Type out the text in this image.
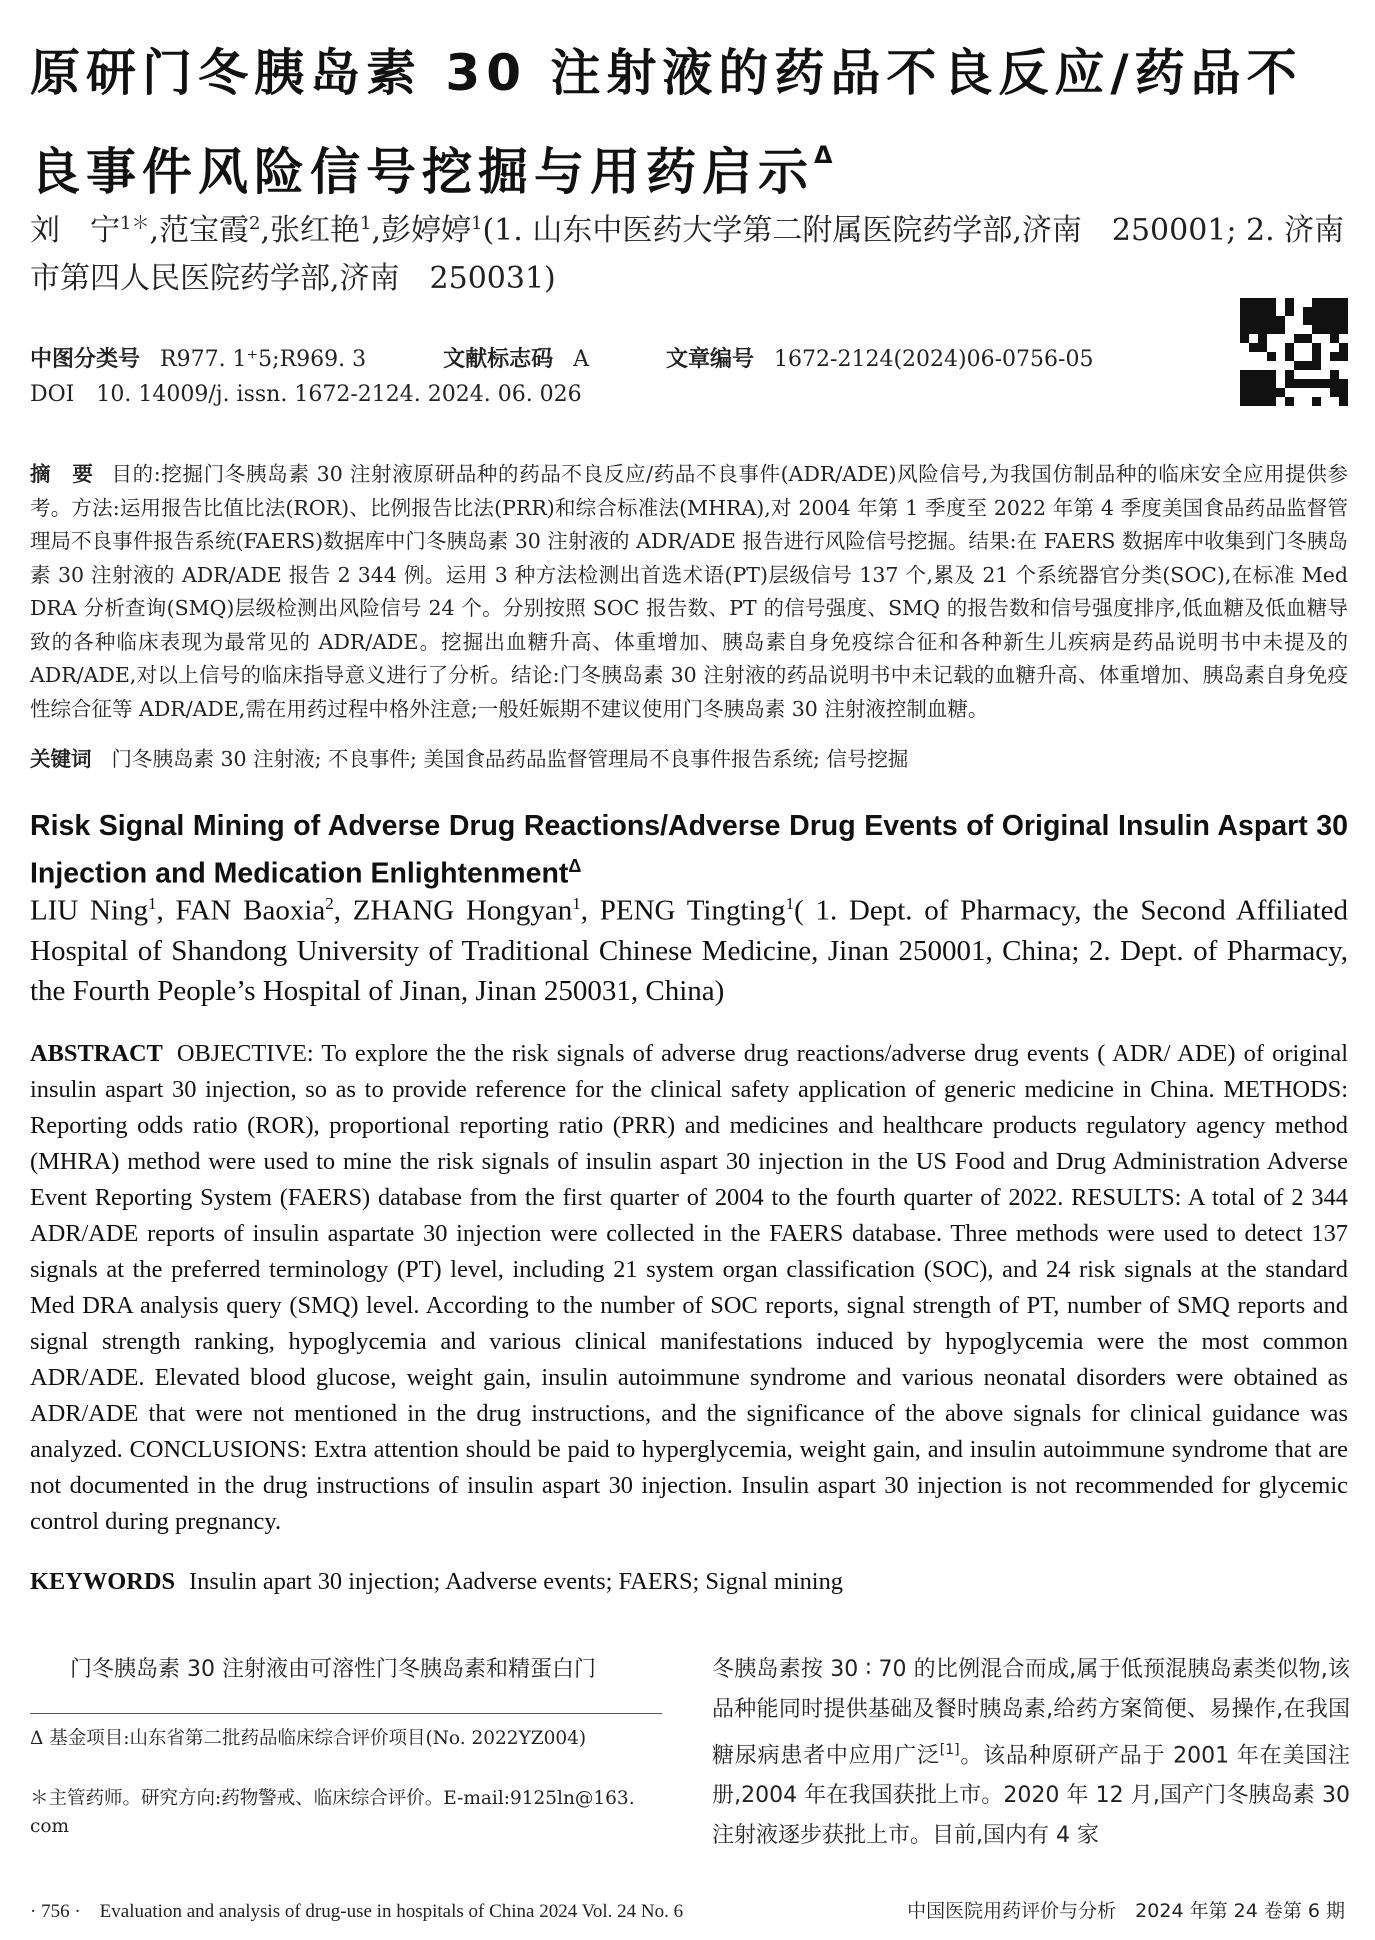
原研门冬胰岛素 30 注射液的药品不良反应/药品不良事件风险信号挖掘与用药启示$^\Delta$
刘　宁$^{1*}$,范宝霞$^2$,张红艳$^1$,彭婷婷$^1$(1. 山东中医药大学第二附属医院药学部,济南　250001; 2. 济南市第四人民医院药学部,济南　250031)
中图分类号 R977. 1⁺5;R969. 3	文献标志码 A	文章编号 1672-2124(2024)06-0756-05
DOI 10. 14009/j. issn. 1672-2124. 2024. 06. 026
摘　要 目的:挖掘门冬胰岛素 30 注射液原研品种的药品不良反应/药品不良事件(ADR/ADE)风险信号,为我国仿制品种的临床安全应用提供参考。方法:运用报告比值比法(ROR)、比例报告比法(PRR)和综合标准法(MHRA),对 2004 年第 1 季度至 2022 年第 4 季度美国食品药品监督管理局不良事件报告系统(FAERS)数据库中门冬胰岛素 30 注射液的 ADR/ADE 报告进行风险信号挖掘。结果:在 FAERS 数据库中收集到门冬胰岛素 30 注射液的 ADR/ADE 报告 2 344 例。运用 3 种方法检测出首选术语(PT)层级信号 137 个,累及 21 个系统器官分类(SOC),在标准 Med DRA 分析查询(SMQ)层级检测出风险信号 24 个。分别按照 SOC 报告数、PT 的信号强度、SMQ 的报告数和信号强度排序,低血糖及低血糖导致的各种临床表现为最常见的 ADR/ADE。挖掘出血糖升高、体重增加、胰岛素自身免疫综合征和各种新生儿疾病是药品说明书中未提及的 ADR/ADE,对以上信号的临床指导意义进行了分析。结论:门冬胰岛素 30 注射液的药品说明书中未记载的血糖升高、体重增加、胰岛素自身免疫性综合征等 ADR/ADE,需在用药过程中格外注意;一般妊娠期不建议使用门冬胰岛素 30 注射液控制血糖。
关键词 门冬胰岛素 30 注射液; 不良事件; 美国食品药品监督管理局不良事件报告系统; 信号挖掘
Risk Signal Mining of Adverse Drug Reactions/Adverse Drug Events of Original Insulin Aspart 30 Injection and Medication Enlightenment$^\Delta$
LIU Ning$^1$, FAN Baoxia$^2$, ZHANG Hongyan$^1$, PENG Tingting$^1$( 1. Dept. of Pharmacy, the Second Affiliated Hospital of Shandong University of Traditional Chinese Medicine, Jinan 250001, China; 2. Dept. of Pharmacy, the Fourth People’s Hospital of Jinan, Jinan 250031, China)
ABSTRACT OBJECTIVE: To explore the the risk signals of adverse drug reactions/adverse drug events ( ADR/ ADE) of original insulin aspart 30 injection, so as to provide reference for the clinical safety application of generic medicine in China. METHODS: Reporting odds ratio (ROR), proportional reporting ratio (PRR) and medicines and healthcare products regulatory agency method (MHRA) method were used to mine the risk signals of insulin aspart 30 injection in the US Food and Drug Administration Adverse Event Reporting System (FAERS) database from the first quarter of 2004 to the fourth quarter of 2022. RESULTS: A total of 2 344 ADR/ADE reports of insulin aspartate 30 injection were collected in the FAERS database. Three methods were used to detect 137 signals at the preferred terminology (PT) level, including 21 system organ classification (SOC), and 24 risk signals at the standard Med DRA analysis query (SMQ) level. According to the number of SOC reports, signal strength of PT, number of SMQ reports and signal strength ranking, hypoglycemia and various clinical manifestations induced by hypoglycemia were the most common ADR/ADE. Elevated blood glucose, weight gain, insulin autoimmune syndrome and various neonatal disorders were obtained as ADR/ADE that were not mentioned in the drug instructions, and the significance of the above signals for clinical guidance was analyzed. CONCLUSIONS: Extra attention should be paid to hyperglycemia, weight gain, and insulin autoimmune syndrome that are not documented in the drug instructions of insulin aspart 30 injection. Insulin aspart 30 injection is not recommended for glycemic control during pregnancy.
KEYWORDS Insulin apart 30 injection; Aadverse events; FAERS; Signal mining
门冬胰岛素 30 注射液由可溶性门冬胰岛素和精蛋白门
Δ 基金项目:山东省第二批药品临床综合评价项目(No. 2022YZ004)
＊主管药师。研究方向:药物警戒、临床综合评价。E-mail:9125ln@163. com
冬胰岛素按 30 ∶ 70 的比例混合而成,属于低预混胰岛素类似物,该品种能同时提供基础及餐时胰岛素,给药方案简便、易操作,在我国糖尿病患者中应用广泛[1]。该品种原研产品于 2001 年在美国注册,2004 年在我国获批上市。2020 年 12 月,国产门冬胰岛素 30 注射液逐步获批上市。目前,国内有 4 家
· 756 ·　Evaluation and analysis of drug-use in hospitals of China 2024 Vol. 24 No. 6	中国医院用药评价与分析　2024 年第 24 卷第 6 期
